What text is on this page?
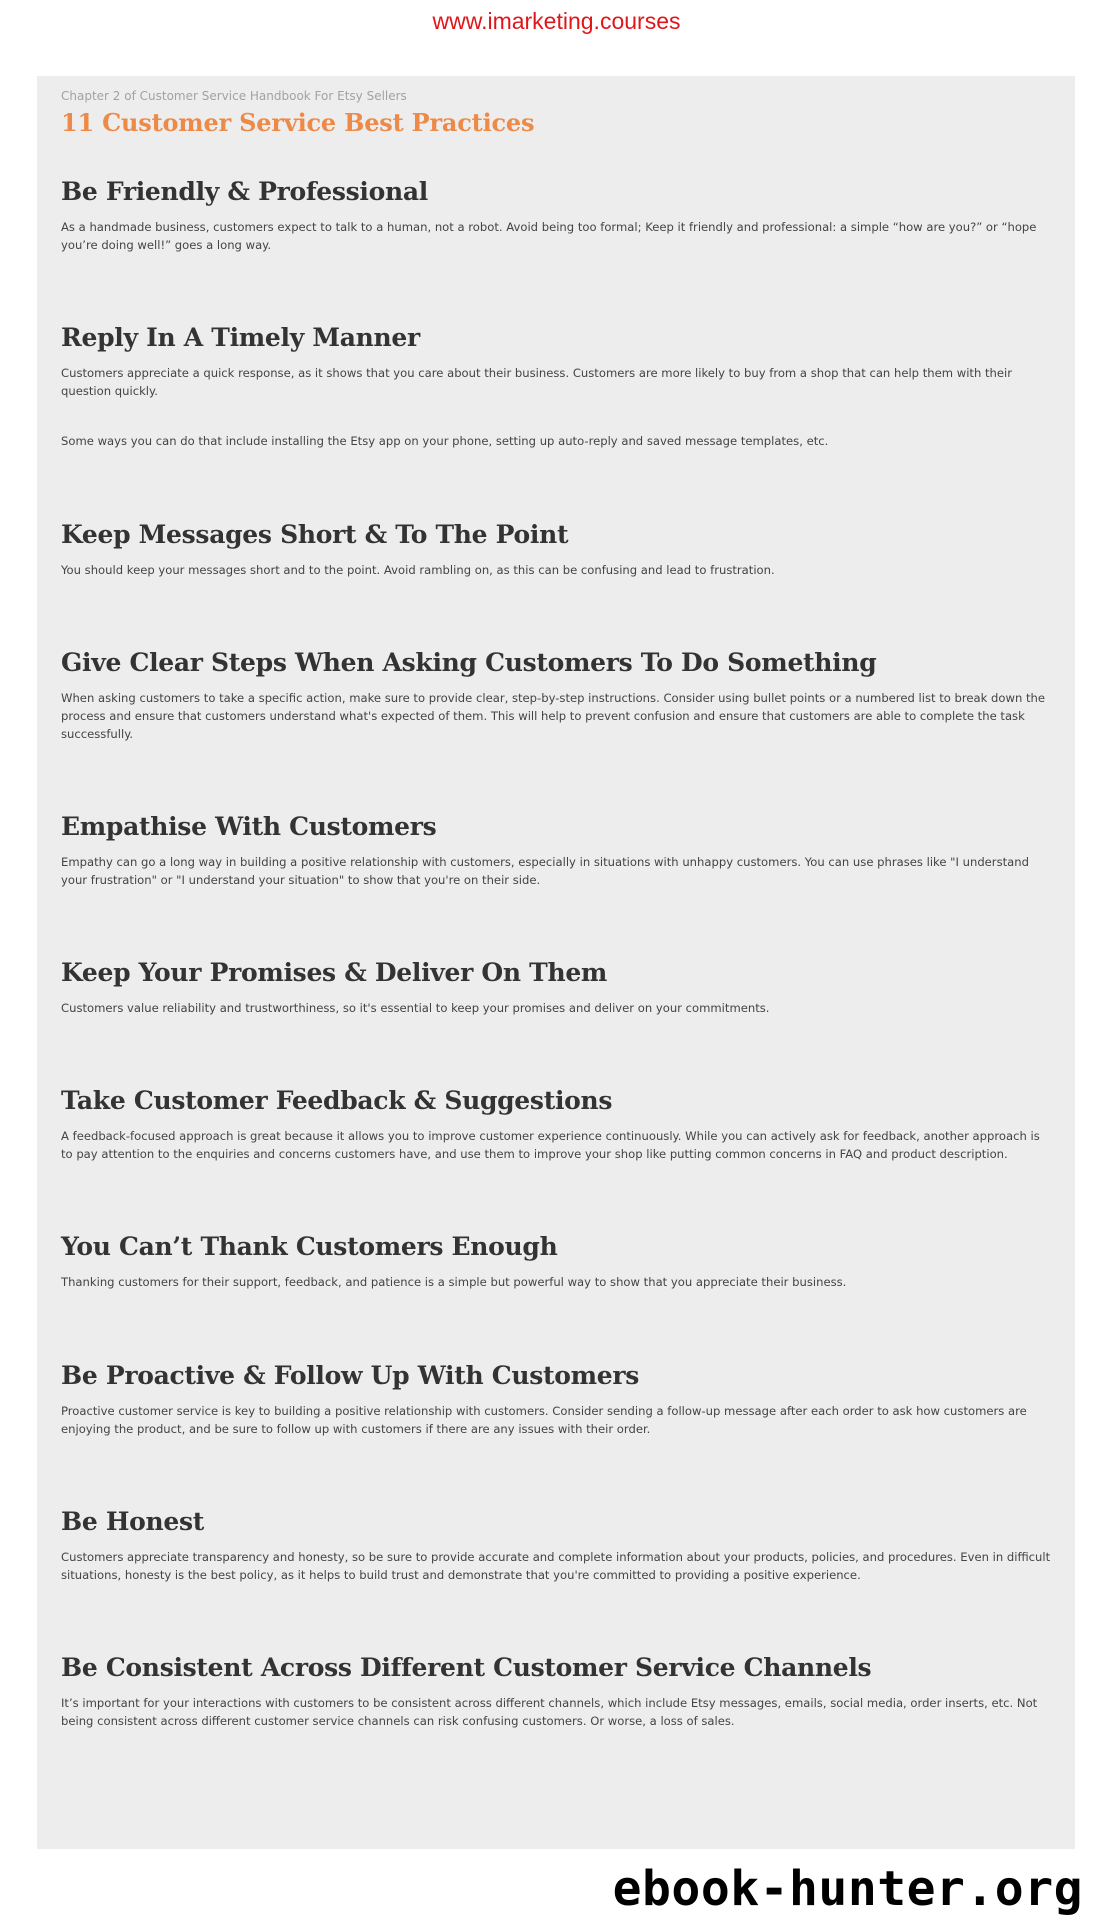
www.imarketing.courses
Chapter 2 of Customer Service Handbook For Etsy Sellers
11 Customer Service Best Practices
Be Friendly & Professional

As a handmade business, customers expect to talk to a human, not a robot. Avoid being too formal; Keep it friendly and professional: a simple “how are you?” or “hope you’re doing well!” goes a long way.

Reply In A Timely Manner

Customers appreciate a quick response, as it shows that you care about their business. Customers are more likely to buy from a shop that can help them with their question quickly.

Some ways you can do that include installing the Etsy app on your phone, setting up auto-reply and saved message templates, etc.

Keep Messages Short & To The Point

You should keep your messages short and to the point. Avoid rambling on, as this can be confusing and lead to frustration.

Give Clear Steps When Asking Customers To Do Something

When asking customers to take a specific action, make sure to provide clear, step-by-step instructions. Consider using bullet points or a numbered list to break down the process and ensure that customers understand what's expected of them. This will help to prevent confusion and ensure that customers are able to complete the task successfully.

Empathise With Customers

Empathy can go a long way in building a positive relationship with customers, especially in situations with unhappy customers. You can use phrases like "I understand your frustration" or "I understand your situation" to show that you're on their side.

Keep Your Promises & Deliver On Them

Customers value reliability and trustworthiness, so it's essential to keep your promises and deliver on your commitments.

Take Customer Feedback & Suggestions

A feedback-focused approach is great because it allows you to improve customer experience continuously. While you can actively ask for feedback, another approach is to pay attention to the enquiries and concerns customers have, and use them to improve your shop like putting common concerns in FAQ and product description.

You Can’t Thank Customers Enough

Thanking customers for their support, feedback, and patience is a simple but powerful way to show that you appreciate their business.

Be Proactive & Follow Up With Customers

Proactive customer service is key to building a positive relationship with customers. Consider sending a follow-up message after each order to ask how customers are enjoying the product, and be sure to follow up with customers if there are any issues with their order.

Be Honest

Customers appreciate transparency and honesty, so be sure to provide accurate and complete information about your products, policies, and procedures. Even in difficult situations, honesty is the best policy, as it helps to build trust and demonstrate that you're committed to providing a positive experience.

Be Consistent Across Different Customer Service Channels

It’s important for your interactions with customers to be consistent across different channels, which include Etsy messages, emails, social media, order inserts, etc. Not being consistent across different customer service channels can risk confusing customers. Or worse, a loss of sales.

ebook-hunter.org
